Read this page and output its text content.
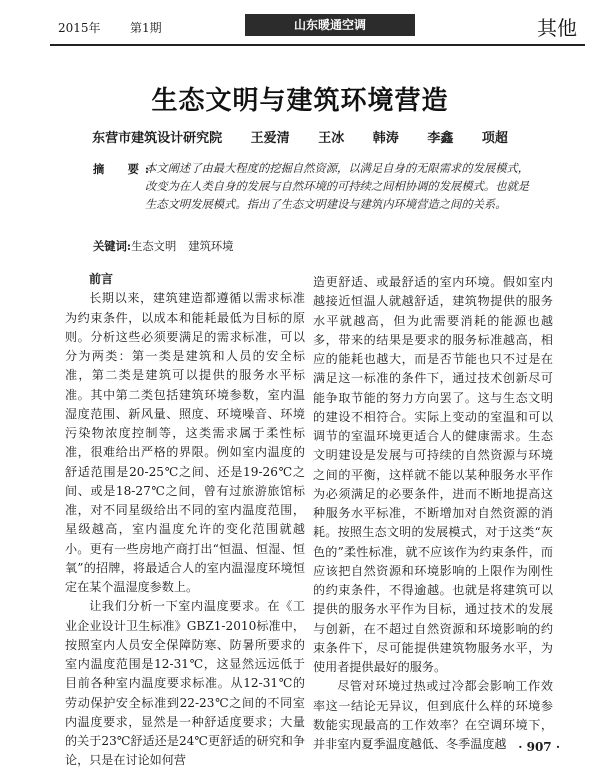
2015年 第1期	山东暖通空调	其他
生态文明与建筑环境营造
东营市建筑设计研究院 王爱清 王冰 韩涛 李鑫 项超
摘　要:
本文阐述了由最大程度的挖掘自然资源，以满足自身的无限需求的发展模式，改变为在人类自身的发展与自然环境的可持续之间相协调的发展模式。也就是生态文明发展模式。指出了生态文明建设与建筑内环境营造之间的关系。
关键词:生态文明 建筑环境

前言

长期以来，建筑建造都遵循以需求标准为约束条件，以成本和能耗最低为目标的原则。分析这些必须要满足的需求标准，可以分为两类：第一类是建筑和人员的安全标准，第二类是建筑可以提供的服务水平标准。其中第二类包括建筑环境参数，室内温湿度范围、新风量、照度、环境噪音、环境污染物浓度控制等，这类需求属于柔性标准，很难给出严格的界限。例如室内温度的舒适范围是20-25℃之间、还是19-26℃之间、或是18-27℃之间，曾有过旅游旅馆标准，对不同星级给出不同的室内温度范围，星级越高，室内温度允许的变化范围就越小。更有一些房地产商打出“恒温、恒湿、恒氧”的招牌，将最适合人的室内温湿度环境恒定在某个温湿度参数上。

让我们分析一下室内温度要求。在《工业企业设计卫生标准》GBZ1-2010标准中，按照室内人员安全保障防寒、防暑所要求的室内温度范围是12-31℃，这显然远远低于目前各种室内温度要求标准。从12-31℃的劳动保护安全标准到22-23℃之间的不同室内温度要求，显然是一种舒适度要求；大量的关于23℃舒适还是24℃更舒适的研究和争论，只是在讨论如何营

造更舒适、或最舒适的室内环境。假如室内越接近恒温人就越舒适，建筑物提供的服务水平就越高，但为此需要消耗的能源也越多，带来的结果是要求的服务标准越高，相应的能耗也越大，而是否节能也只不过是在满足这一标准的条件下，通过技术创新尽可能争取节能的努力方向罢了。这与生态文明的建设不相符合。实际上变动的室温和可以调节的室温环境更适合人的健康需求。生态文明建设是发展与可持续的自然资源与环境之间的平衡，这样就不能以某种服务水平作为必须满足的必要条件，进而不断地提高这种服务水平标准，不断增加对自然资源的消耗。按照生态文明的发展模式，对于这类“灰色的”柔性标准，就不应该作为约束条件，而应该把自然资源和环境影响的上限作为刚性的约束条件，不得逾越。也就是将建筑可以提供的服务水平作为目标，通过技术的发展与创新，在不超过自然资源和环境影响的约束条件下，尽可能提供建筑物服务水平，为使用者提供最好的服务。

尽管对环境过热或过冷都会影响工作效率这一结论无异议，但到底什么样的环境参数能实现最高的工作效率？在空调环境下，并非室内夏季温度越低、冬季温度越 · 907 ·
